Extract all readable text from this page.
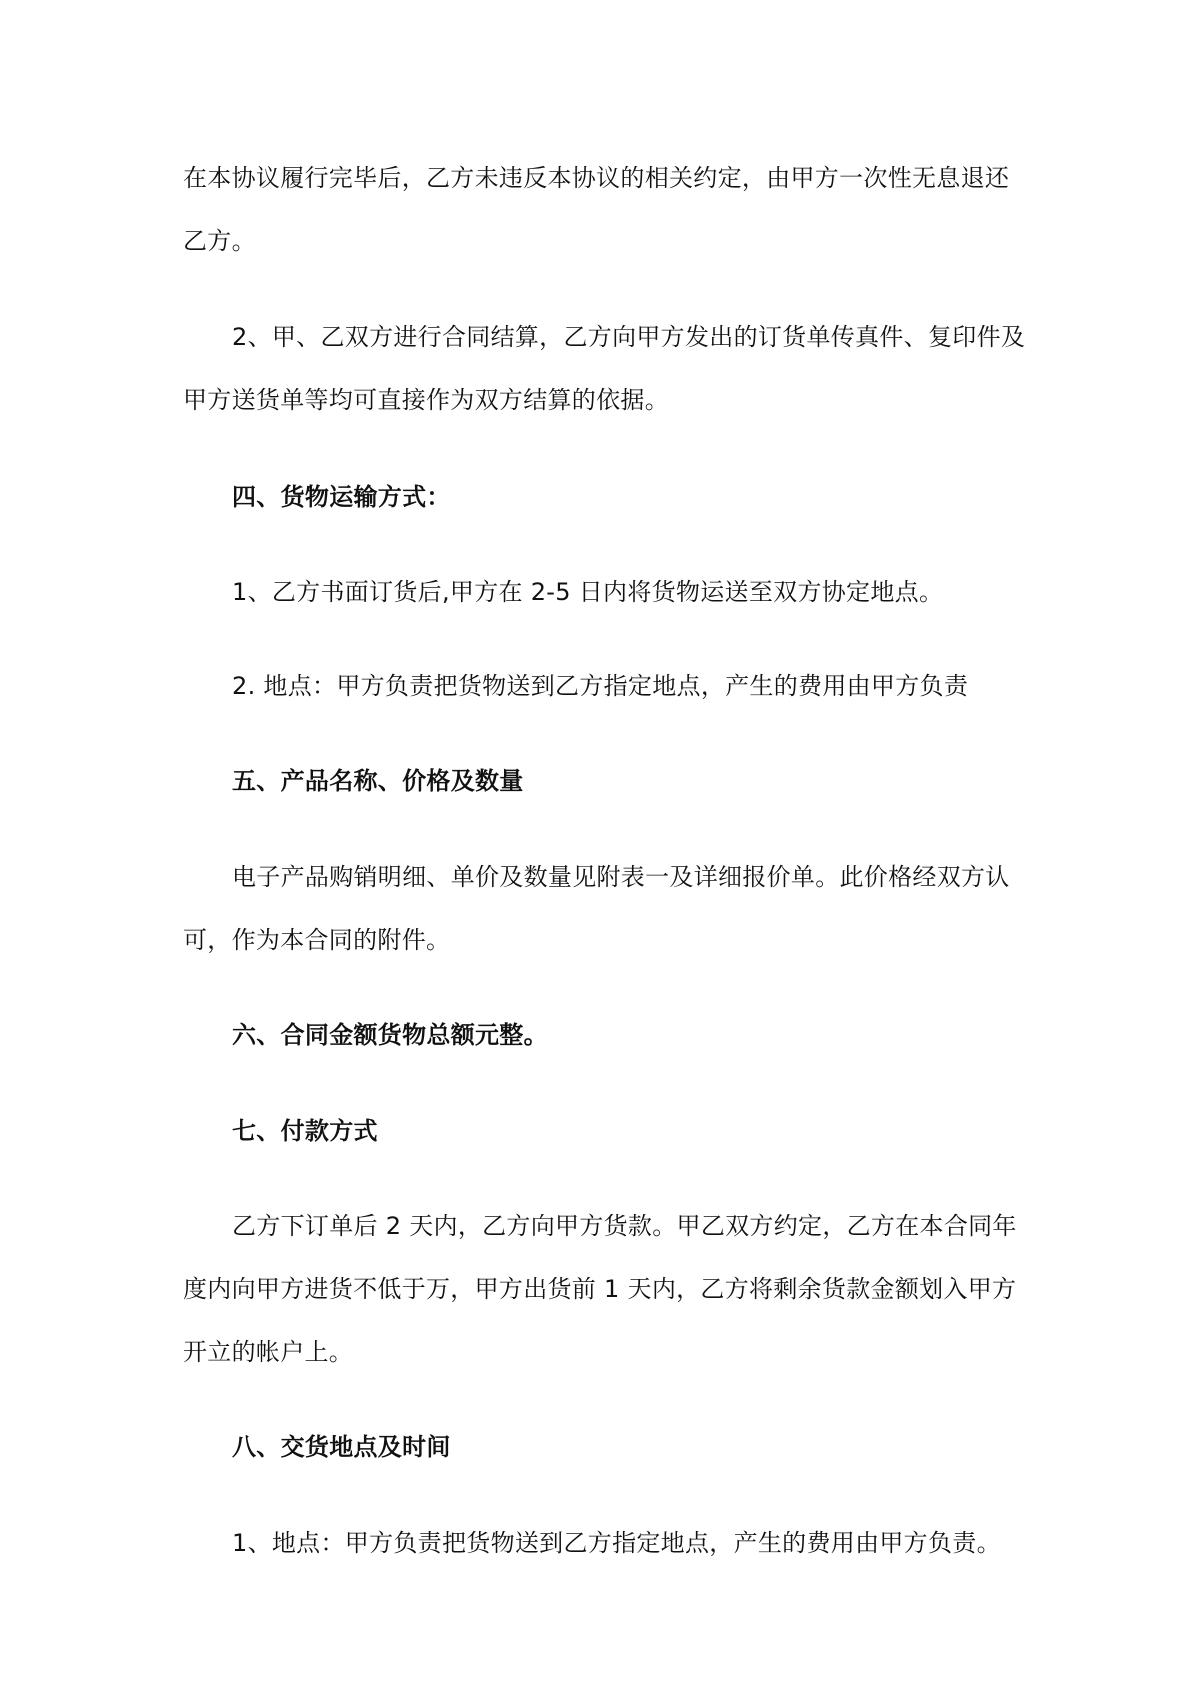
在本协议履行完毕后，乙方未违反本协议的相关约定，由甲方一次性无息退还
乙方。
2、甲、乙双方进行合同结算，乙方向甲方发出的订货单传真件、复印件及
甲方送货单等均可直接作为双方结算的依据。
四、货物运输方式：
1、乙方书面订货后,甲方在 2-5 日内将货物运送至双方协定地点。
2. 地点：甲方负责把货物送到乙方指定地点，产生的费用由甲方负责
五、产品名称、价格及数量
电子产品购销明细、单价及数量见附表一及详细报价单。此价格经双方认
可，作为本合同的附件。
六、合同金额货物总额元整。
七、付款方式
乙方下订单后 2 天内，乙方向甲方货款。甲乙双方约定，乙方在本合同年
度内向甲方进货不低于万，甲方出货前 1 天内，乙方将剩余货款金额划入甲方
开立的帐户上。
八、交货地点及时间
1、地点：甲方负责把货物送到乙方指定地点，产生的费用由甲方负责。
